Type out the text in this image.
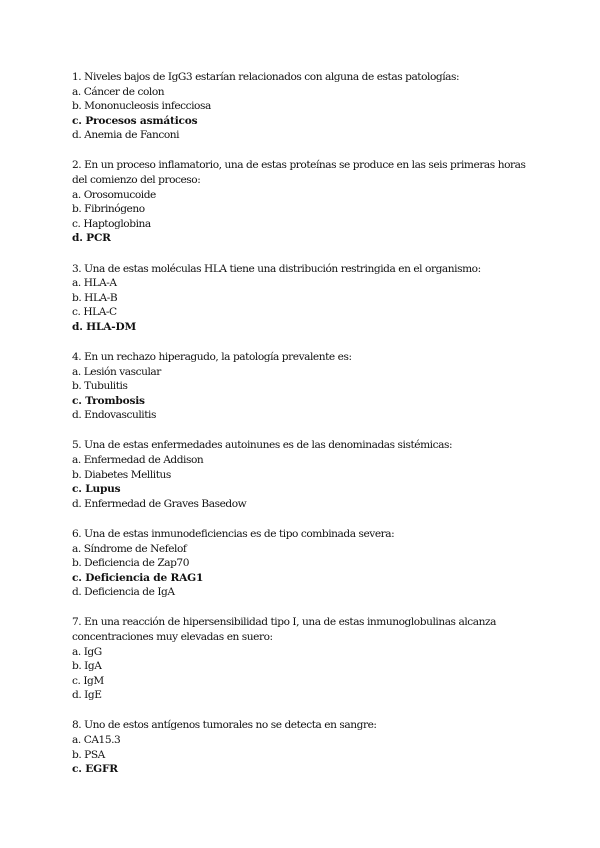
1. Niveles bajos de IgG3 estarían relacionados con alguna de estas patologías:
a. Cáncer de colon
b. Mononucleosis infecciosa
c. Procesos asmáticos
d. Anemia de Fanconi
2. En un proceso inflamatorio, una de estas proteínas se produce en las seis primeras horas del comienzo del proceso:
a. Orosomucoide
b. Fibrinógeno
c. Haptoglobina
d. PCR
3. Una de estas moléculas HLA tiene una distribución restringida en el organismo:
a. HLA-A
b. HLA-B
c. HLA-C
d. HLA-DM
4. En un rechazo hiperagudo, la patología prevalente es:
a. Lesión vascular
b. Tubulitis
c. Trombosis
d. Endovasculitis
5. Una de estas enfermedades autoinunes es de las denominadas sistémicas:
a. Enfermedad de Addison
b. Diabetes Mellitus
c. Lupus
d. Enfermedad de Graves Basedow
6. Una de estas inmunodeficiencias es de tipo combinada severa:
a. Síndrome de Nefelof
b. Deficiencia de Zap70
c. Deficiencia de RAG1
d. Deficiencia de IgA
7. En una reacción de hipersensibilidad tipo I, una de estas inmunoglobulinas alcanza concentraciones muy elevadas en suero:
a. IgG
b. IgA
c. IgM
d. IgE
8. Uno de estos antígenos tumorales no se detecta en sangre:
a. CA15.3
b. PSA
c. EGFR
